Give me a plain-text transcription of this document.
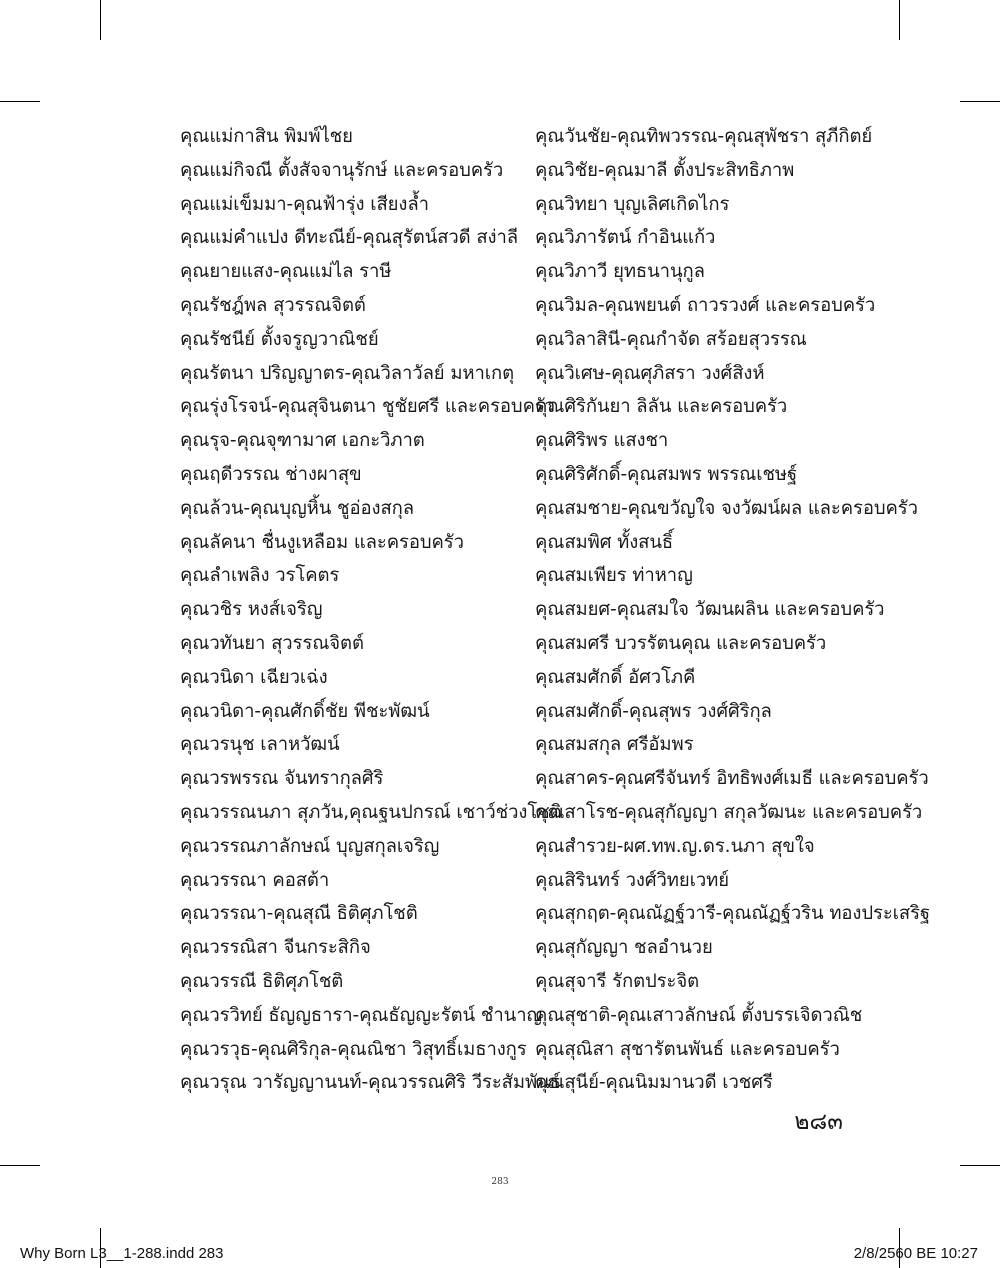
คุณแม่กาสิน พิมพ์ไชย
คุณแม่กิจณี ตั้งสัจจานุรักษ์ และครอบครัว
คุณแม่เข็มมา-คุณฟ้ารุ่ง เสียงล้ำ
คุณแม่คำแปง ดีทะณีย์-คุณสุรัตน์สวดี สง่าลี
คุณยายแสง-คุณแม่ไล ราษี
คุณรัชฎ์พล สุวรรณจิตต์
คุณรัชนีย์ ตั้งจรูญวาณิชย์
คุณรัตนา ปริญญาตร-คุณวิลาวัลย์ มหาเกตุ
คุณรุ่งโรจน์-คุณสุจินตนา ชูชัยศรี และครอบครัว
คุณรุจ-คุณจุฑามาศ เอกะวิภาต
คุณฤดีวรรณ ช่างผาสุข
คุณล้วน-คุณบุญหิ้น ชูอ่องสกุล
คุณลัคนา ชื่นงูเหลือม และครอบครัว
คุณลำเพลิง วรโคตร
คุณวชิร หงส์เจริญ
คุณวทันยา สุวรรณจิตต์
คุณวนิดา เฉียวเฉ่ง
คุณวนิดา-คุณศักดิ์ชัย พีชะพัฒน์
คุณวรนุช เลาหวัฒน์
คุณวรพรรณ จันทรากุลศิริ
คุณวรรณนภา สุภวัน,คุณฐนปกรณ์ เชาว์ช่วงโชติ
คุณวรรณภาลักษณ์ บุญสกุลเจริญ
คุณวรรณา คอสต้า
คุณวรรณา-คุณสุณี ธิติศุภโชติ
คุณวรรณิสา จีนกระสิกิจ
คุณวรรณี ธิติศุภโชติ
คุณวรวิทย์ ธัญญธารา-คุณธัญญะรัตน์ ชำนาญ
คุณวรวุธ-คุณศิริกุล-คุณณิชา วิสุทธิ์เมธางกูร
คุณวรุณ วารัญญานนท์-คุณวรรณศิริ วีระสัมพันธ์
คุณวันชัย-คุณทิพวรรณ-คุณสุพัชรา สุภีกิตย์
คุณวิชัย-คุณมาลี ตั้งประสิทธิภาพ
คุณวิทยา บุญเลิศเกิดไกร
คุณวิภารัตน์ กำอินแก้ว
คุณวิภาวี ยุทธนานุกูล
คุณวิมล-คุณพยนต์ ถาวรวงศ์ และครอบครัว
คุณวิลาสินี-คุณกำจัด สร้อยสุวรรณ
คุณวิเศษ-คุณศุภิสรา วงศ์สิงห์
คุณศิริกันยา ลิลัน และครอบครัว
คุณศิริพร แสงชา
คุณศิริศักดิ์-คุณสมพร พรรณเชษฐ์
คุณสมชาย-คุณขวัญใจ จงวัฒน์ผล และครอบครัว
คุณสมพิศ ทั้งสนธิ์
คุณสมเพียร ท่าหาญ
คุณสมยศ-คุณสมใจ วัฒนผลิน และครอบครัว
คุณสมศรี บวรรัตนคุณ และครอบครัว
คุณสมศักดิ์ อัศวโภคี
คุณสมศักดิ์-คุณสุพร วงศ์ศิริกุล
คุณสมสกุล ศรีอัมพร
คุณสาคร-คุณศรีจันทร์ อิทธิพงศ์เมธี และครอบครัว
คุณสาโรช-คุณสุกัญญา สกุลวัฒนะ และครอบครัว
คุณสำรวย-ผศ.ทพ.ญ.ดร.นภา สุขใจ
คุณสิรินทร์ วงศ์วิทยเวทย์
คุณสุกฤต-คุณณัฏฐ์วารี-คุณณัฏฐ์วริน ทองประเสริฐ
คุณสุกัญญา ชลอำนวย
คุณสุจารี รักตประจิต
คุณสุชาติ-คุณเสาวลักษณ์ ตั้งบรรเจิดวณิช
คุณสุณิสา สุชารัตนพันธ์ และครอบครัว
คุณสุนีย์-คุณนิมมานวดี เวชศรี
๒๘๓
283
Why Born L3__1-288.indd 283	2/8/2560 BE 10:27
